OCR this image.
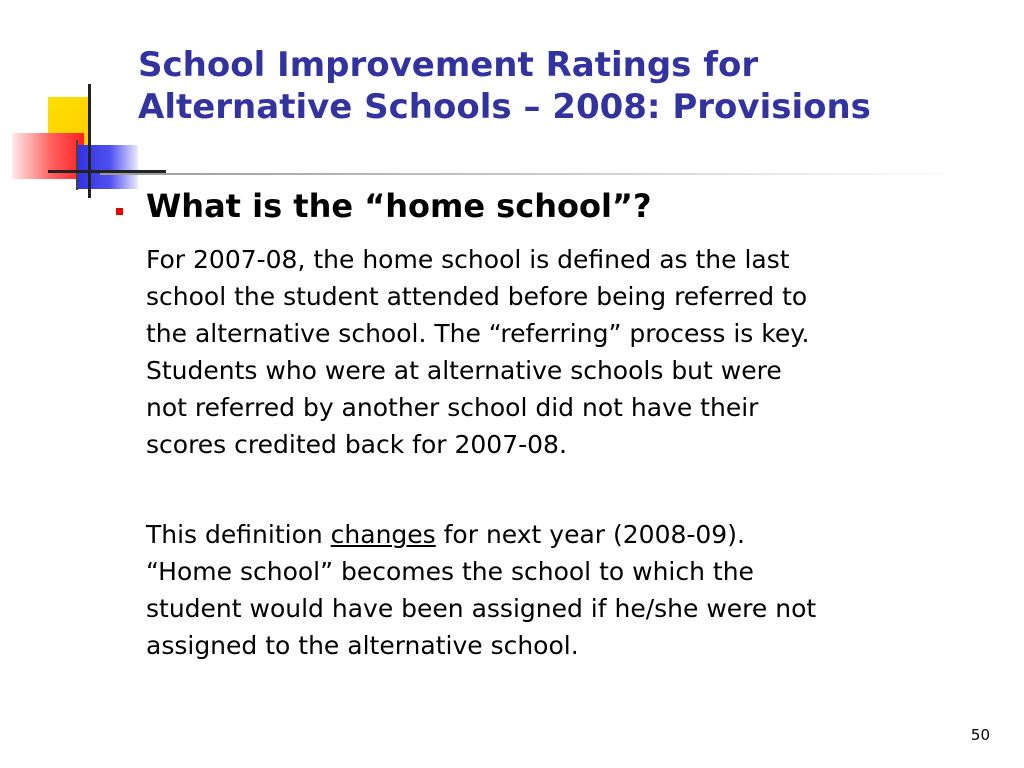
School Improvement Ratings for
Alternative Schools – 2008: Provisions
What is the “home school”?
For 2007-08, the home school is defined as the last
school the student attended before being referred to
the alternative school. The “referring” process is key.
Students who were at alternative schools but were
not referred by another school did not have their
scores credited back for 2007-08.
This definition changes for next year (2008-09).
“Home school” becomes the school to which the
student would have been assigned if he/she were not
assigned to the alternative school.
50
